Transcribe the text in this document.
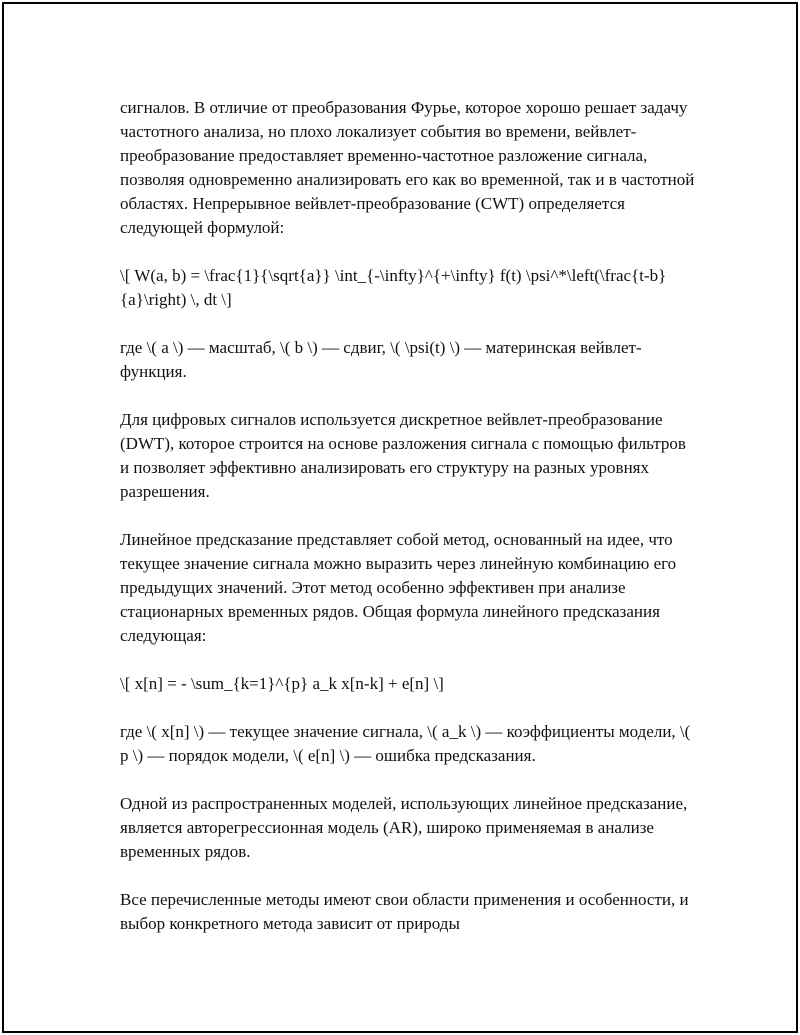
сигналов. В отличие от преобразования Фурье, которое хорошо решает задачу частотного анализа, но плохо локализует события во времени, вейвлет-преобразование предоставляет временно-частотное разложение сигнала, позволяя одновременно анализировать его как во временной, так и в частотной областях. Непрерывное вейвлет-преобразование (CWT) определяется следующей формулой:

\[ W(a, b) = \frac{1}{\sqrt{a}} \int_{-\infty}^{+\infty} f(t) \psi^*\left(\frac{t-b}{a}\right) \, dt \]

где \( a \) — масштаб, \( b \) — сдвиг, \( \psi(t) \) — материнская вейвлет-функция.

Для цифровых сигналов используется дискретное вейвлет-преобразование (DWT), которое строится на основе разложения сигнала с помощью фильтров и позволяет эффективно анализировать его структуру на разных уровнях разрешения.

Линейное предсказание представляет собой метод, основанный на идее, что текущее значение сигнала можно выразить через линейную комбинацию его предыдущих значений. Этот метод особенно эффективен при анализе стационарных временных рядов. Общая формула линейного предсказания следующая:

\[ x[n] = - \sum_{k=1}^{p} a_k x[n-k] + e[n] \]

где \( x[n] \) — текущее значение сигнала, \( a_k \) — коэффициенты модели, \( p \) — порядок модели, \( e[n] \) — ошибка предсказания.

Одной из распространенных моделей, использующих линейное предсказание, является авторегрессионная модель (AR), широко применяемая в анализе временных рядов.

Все перечисленные методы имеют свои области применения и особенности, и выбор конкретного метода зависит от природы
